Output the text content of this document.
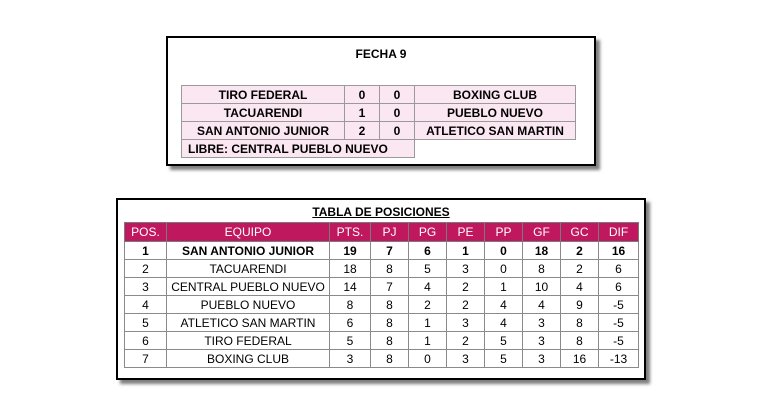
FECHA 9
TIRO FEDERAL	0	0	BOXING CLUB
TACUARENDI	1	0	PUEBLO NUEVO
SAN ANTONIO JUNIOR	2	0	ATLETICO SAN MARTIN
LIBRE: CENTRAL PUEBLO NUEVO			
TABLA DE POSICIONES
POS.	EQUIPO	PTS.	PJ	PG	PE	PP	GF	GC	DIF
1	SAN ANTONIO JUNIOR	19	7	6	1	0	18	2	16
2	TACUARENDI	18	8	5	3	0	8	2	6
3	CENTRAL PUEBLO NUEVO	14	7	4	2	1	10	4	6
4	PUEBLO NUEVO	8	8	2	2	4	4	9	-5
5	ATLETICO SAN MARTIN	6	8	1	3	4	3	8	-5
6	TIRO FEDERAL	5	8	1	2	5	3	8	-5
7	BOXING CLUB	3	8	0	3	5	3	16	-13
